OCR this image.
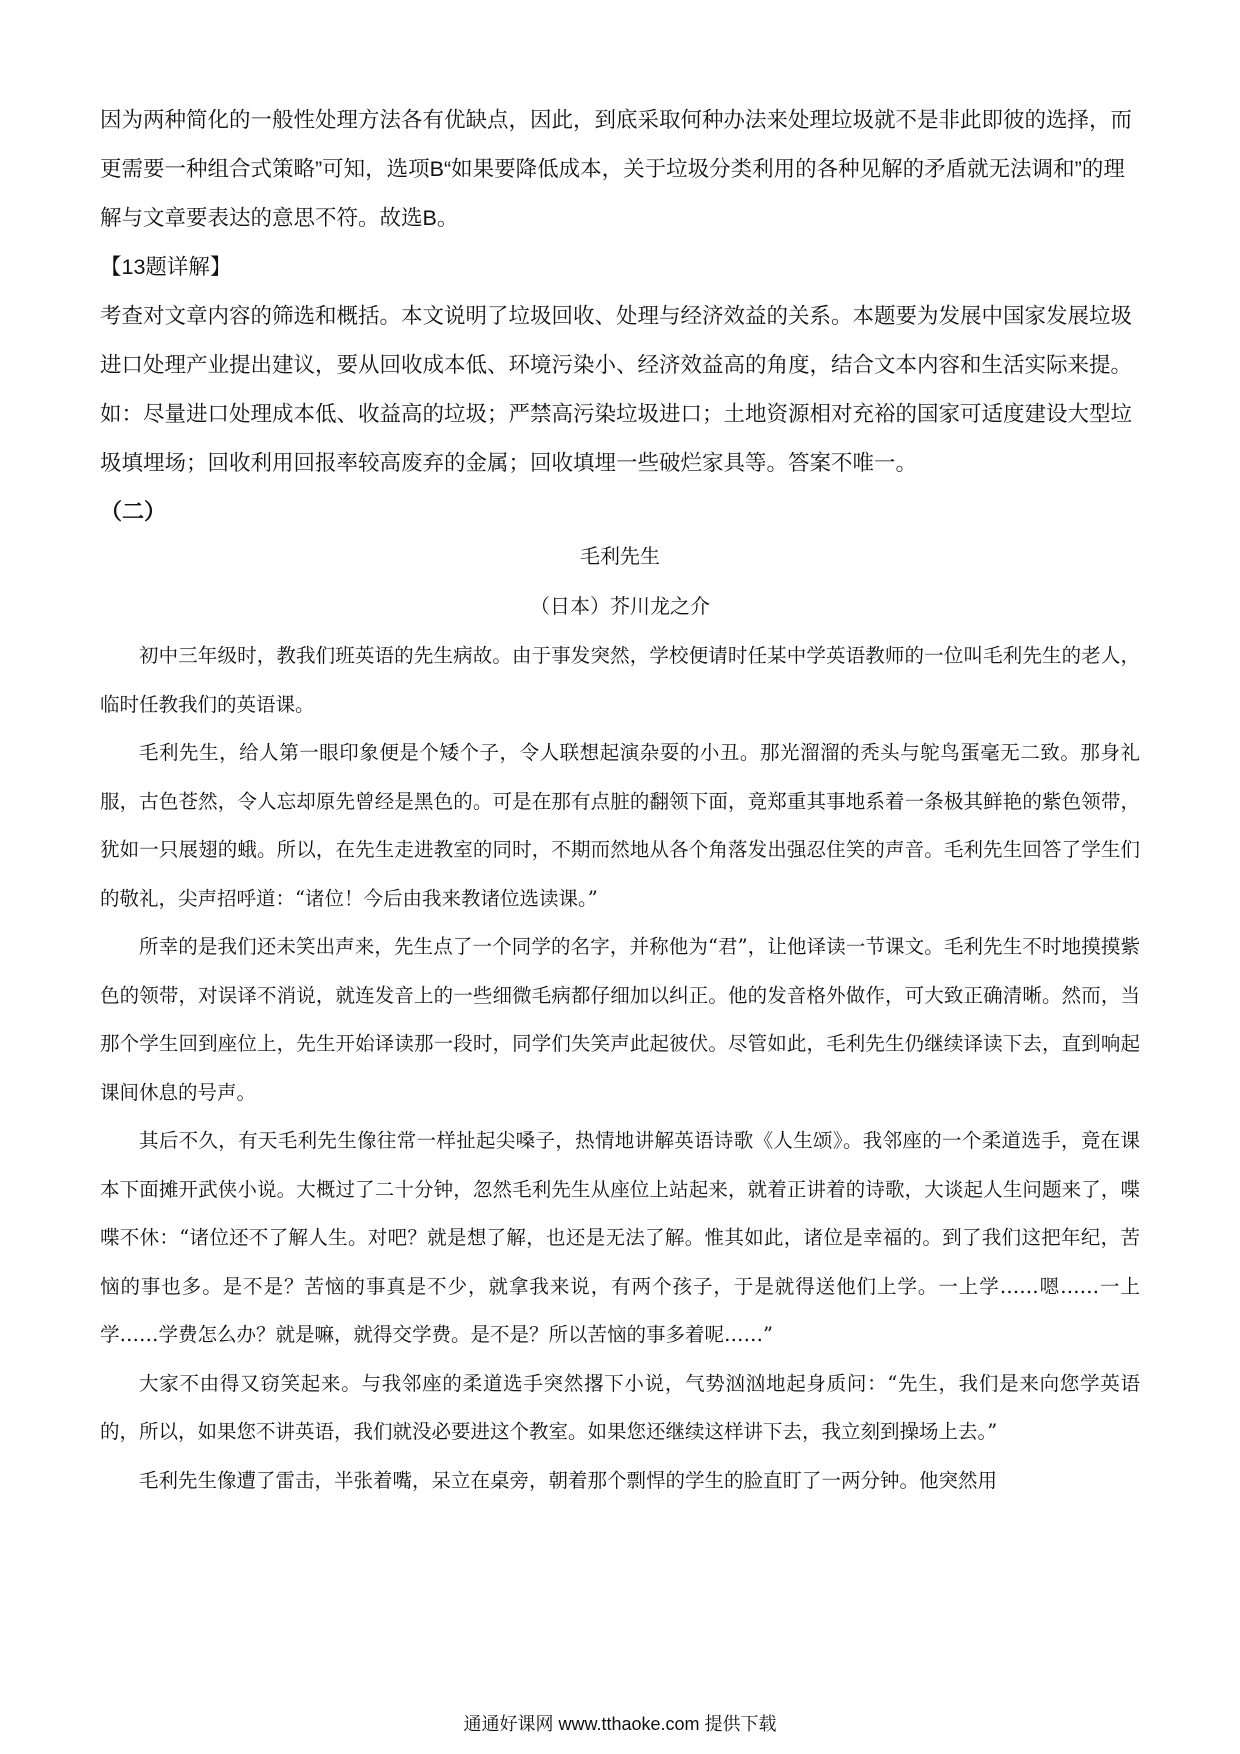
因为两种简化的一般性处理方法各有优缺点，因此，到底采取何种办法来处理垃圾就不是非此即彼的选择，而更需要一种组合式策略”可知，选项B“如果要降低成本，关于垃圾分类利用的各种见解的矛盾就无法调和”的理解与文章要表达的意思不符。故选B。

【13题详解】

考查对文章内容的筛选和概括。本文说明了垃圾回收、处理与经济效益的关系。本题要为发展中国家发展垃圾进口处理产业提出建议，要从回收成本低、环境污染小、经济效益高的角度，结合文本内容和生活实际来提。如：尽量进口处理成本低、收益高的垃圾；严禁高污染垃圾进口；土地资源相对充裕的国家可适度建设大型垃圾填埋场；回收利用回报率较高废弃的金属；回收填埋一些破烂家具等。答案不唯一。

（二）
毛利先生
（日本）芥川龙之介

初中三年级时，教我们班英语的先生病故。由于事发突然，学校便请时任某中学英语教师的一位叫毛利先生的老人，临时任教我们的英语课。

毛利先生，给人第一眼印象便是个矮个子，令人联想起演杂耍的小丑。那光溜溜的秃头与鸵鸟蛋毫无二致。那身礼服，古色苍然，令人忘却原先曾经是黑色的。可是在那有点脏的翻领下面，竟郑重其事地系着一条极其鲜艳的紫色领带，犹如一只展翅的蛾。所以，在先生走进教室的同时，不期而然地从各个角落发出强忍住笑的声音。毛利先生回答了学生们的敬礼，尖声招呼道：“诸位！今后由我来教诸位选读课。”

所幸的是我们还未笑出声来，先生点了一个同学的名字，并称他为“君”，让他译读一节课文。毛利先生不时地摸摸紫色的领带，对误译不消说，就连发音上的一些细微毛病都仔细加以纠正。他的发音格外做作，可大致正确清晰。然而，当那个学生回到座位上，先生开始译读那一段时，同学们失笑声此起彼伏。尽管如此，毛利先生仍继续译读下去，直到响起课间休息的号声。

其后不久，有天毛利先生像往常一样扯起尖嗓子，热情地讲解英语诗歌《人生颂》。我邻座的一个柔道选手，竟在课本下面摊开武侠小说。大概过了二十分钟，忽然毛利先生从座位上站起来，就着正讲着的诗歌，大谈起人生问题来了，喋喋不休：“诸位还不了解人生。对吧？就是想了解，也还是无法了解。惟其如此，诸位是幸福的。到了我们这把年纪，苦恼的事也多。是不是？苦恼的事真是不少，就拿我来说，有两个孩子，于是就得送他们上学。一上学……嗯……一上学……学费怎么办？就是嘛，就得交学费。是不是？所以苦恼的事多着呢……”

大家不由得又窃笑起来。与我邻座的柔道选手突然撂下小说，气势汹汹地起身质问：“先生，我们是来向您学英语的，所以，如果您不讲英语，我们就没必要进这个教室。如果您还继续这样讲下去，我立刻到操场上去。”

毛利先生像遭了雷击，半张着嘴，呆立在桌旁，朝着那个剽悍的学生的脸直盯了一两分钟。他突然用

通通好课网 www.tthaoke.com 提供下载
